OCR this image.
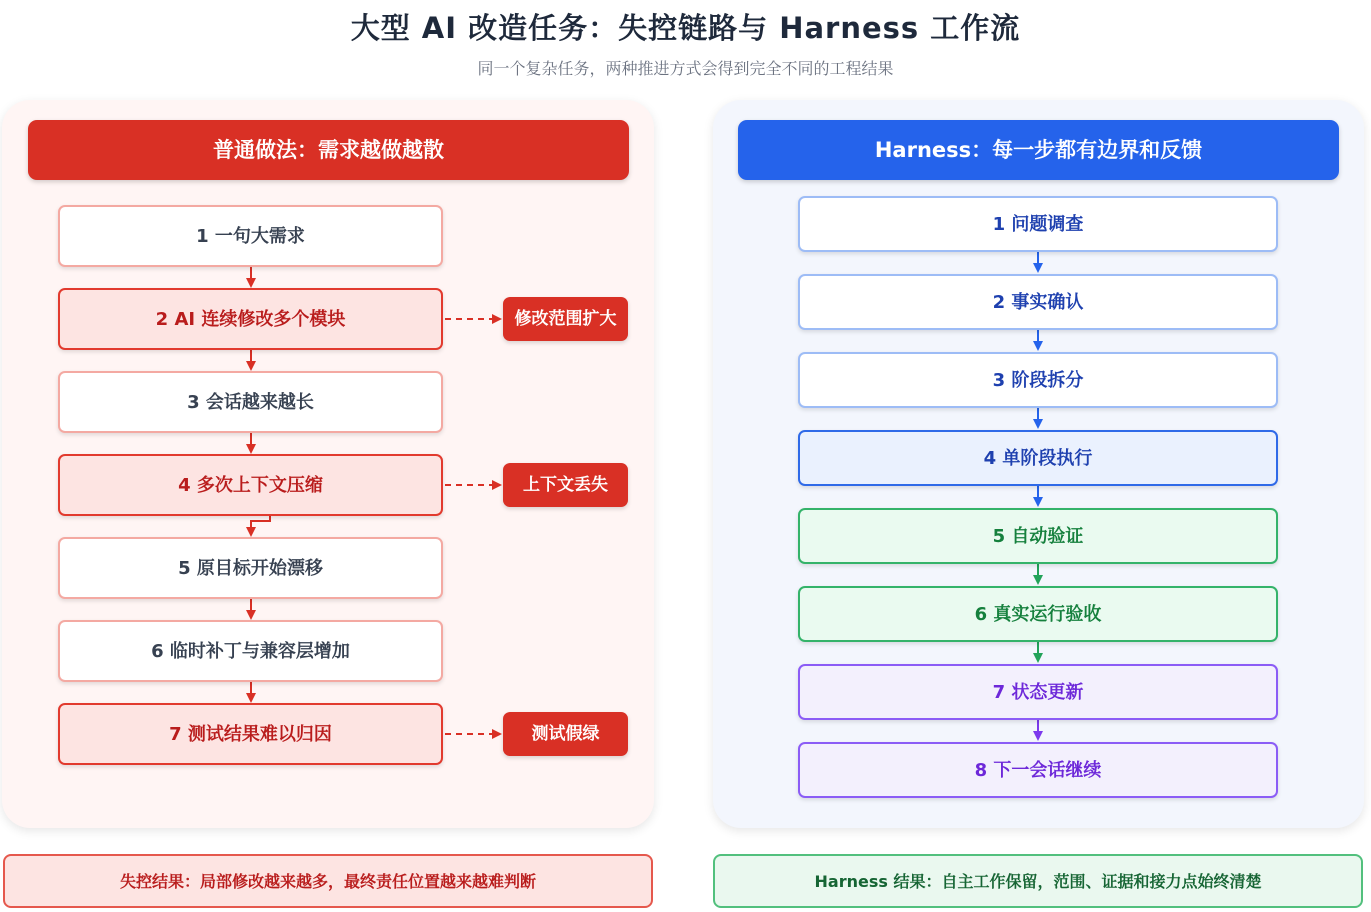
大型 AI 改造任务：失控链路与 Harness 工作流
同一个复杂任务，两种推进方式会得到完全不同的工程结果
普通做法：需求越做越散	Harness：每一步都有边界和反馈
1 一句大需求
2 AI 连续修改多个模块
3 会话越来越长
4 多次上下文压缩
5 原目标开始漂移
6 临时补丁与兼容层增加
7 测试结果难以归因
修改范围扩大
上下文丢失
测试假绿
1 问题调查
2 事实确认
3 阶段拆分
4 单阶段执行
5 自动验证
6 真实运行验收
7 状态更新
8 下一会话继续
失控结果：局部修改越来越多，最终责任位置越来越难判断	Harness 结果：自主工作保留，范围、证据和接力点始终清楚
